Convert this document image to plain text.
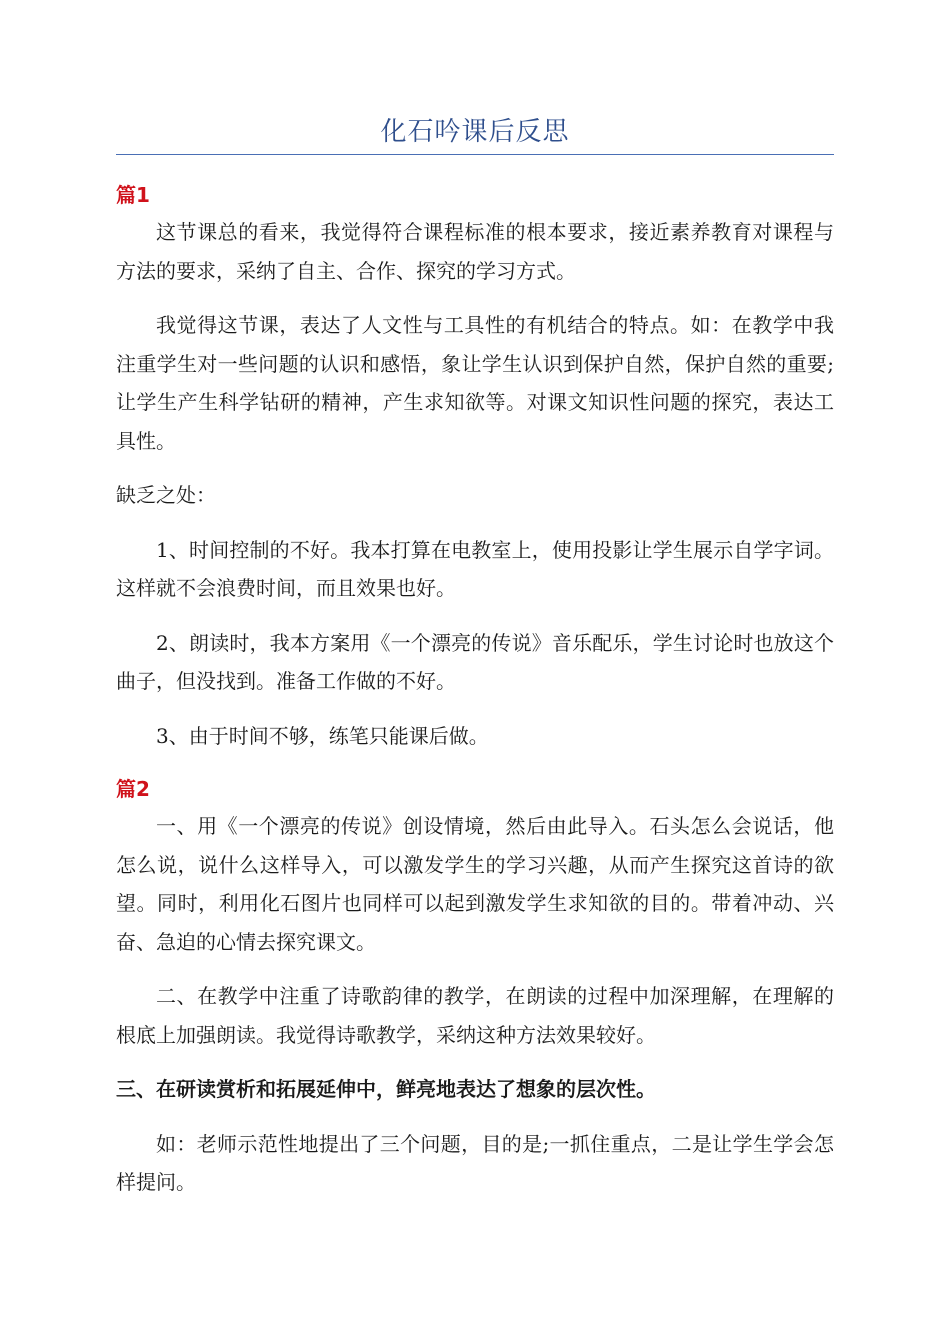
化石吟课后反思
篇1

这节课总的看来，我觉得符合课程标准的根本要求，接近素养教育对课程与方法的要求，采纳了自主、合作、探究的学习方式。

我觉得这节课，表达了人文性与工具性的有机结合的特点。如：在教学中我注重学生对一些问题的认识和感悟，象让学生认识到保护自然，保护自然的重要;让学生产生科学钻研的精神，产生求知欲等。对课文知识性问题的探究，表达工具性。

缺乏之处：

1、时间控制的不好。我本打算在电教室上，使用投影让学生展示自学字词。这样就不会浪费时间，而且效果也好。

2、朗读时，我本方案用《一个漂亮的传说》音乐配乐，学生讨论时也放这个曲子，但没找到。准备工作做的不好。

3、由于时间不够，练笔只能课后做。

篇2

一、用《一个漂亮的传说》创设情境，然后由此导入。石头怎么会说话，他怎么说，说什么这样导入，可以激发学生的学习兴趣，从而产生探究这首诗的欲望。同时，利用化石图片也同样可以起到激发学生求知欲的目的。带着冲动、兴奋、急迫的心情去探究课文。

二、在教学中注重了诗歌韵律的教学，在朗读的过程中加深理解，在理解的根底上加强朗读。我觉得诗歌教学，采纳这种方法效果较好。

三、在研读赏析和拓展延伸中，鲜亮地表达了想象的层次性。

如：老师示范性地提出了三个问题，目的是;一抓住重点，二是让学生学会怎样提问。
